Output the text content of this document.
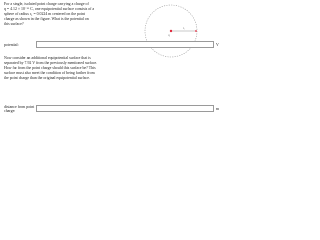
For a single, isolated point charge carrying a charge of
q = 4.12 × 10⁻¹¹ C, one equipotential surface consists of a
sphere of radius r₁ = 0.0224 m centered on the point
charge as shown in the figure. What is the potential on
this surface?
r₁
q
potential:	V
Now consider an additional equipotential surface that is
separated by 7.92 V from the previously mentioned surface.
How far from the point charge should this surface be? This
surface must also meet the condition of being farther from
the point charge than the original equipotential surface.
distance from point charge:	m
